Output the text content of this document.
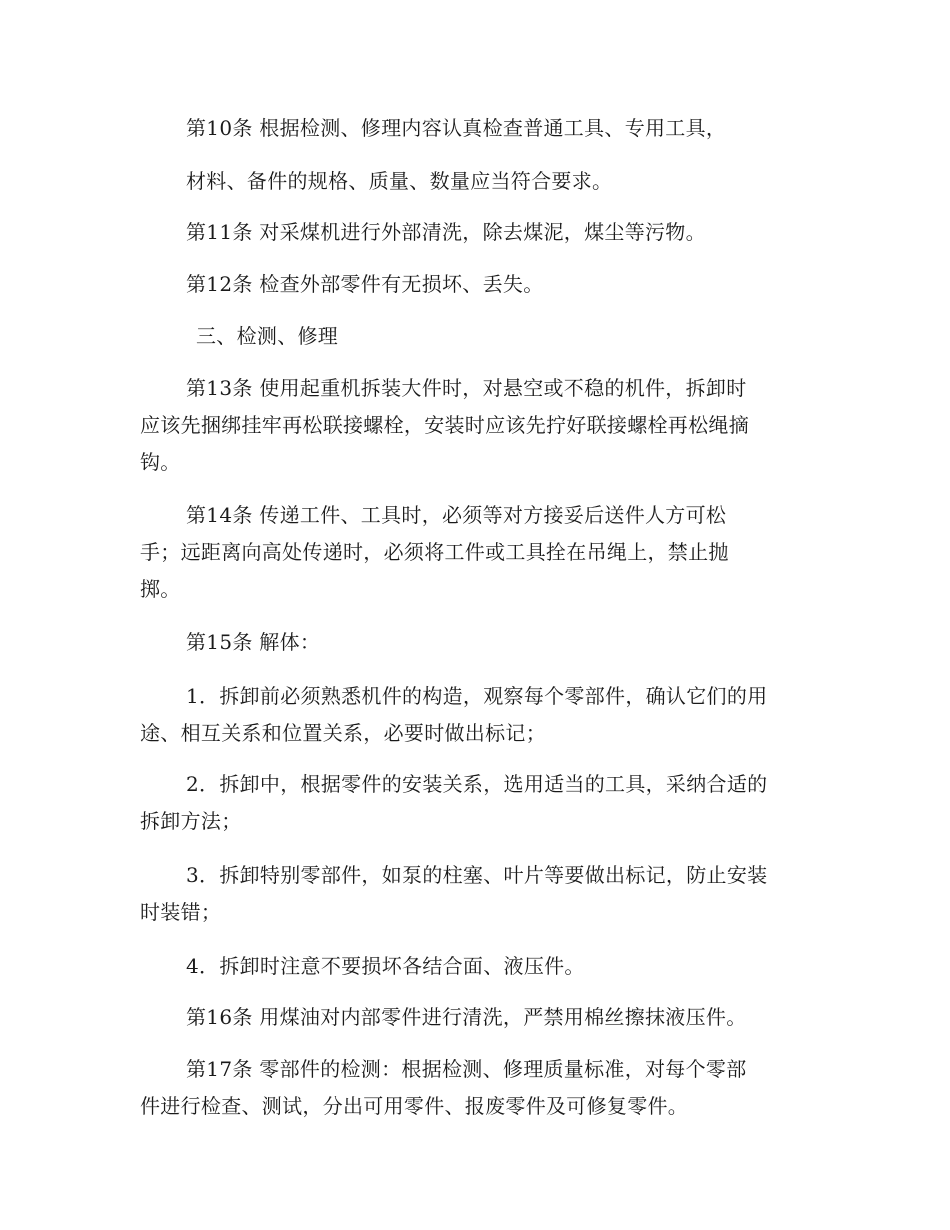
第10条 根据检测、修理内容认真检查普通工具、专用工具，

材料、备件的规格、质量、数量应当符合要求。

第11条 对采煤机进行外部清洗，除去煤泥，煤尘等污物。

第12条 检查外部零件有无损坏、丢失。

三、检测、修理

第13条 使用起重机拆装大件时，对悬空或不稳的机件，拆卸时
应该先捆绑挂牢再松联接螺栓，安装时应该先拧好联接螺栓再松绳摘
钩。

第14条 传递工件、工具时，必须等对方接妥后送件人方可松
手；远距离向高处传递时，必须将工件或工具拴在吊绳上，禁止抛
掷。

第15条 解体：

1．拆卸前必须熟悉机件的构造，观察每个零部件，确认它们的用
途、相互关系和位置关系，必要时做出标记；

2．拆卸中，根据零件的安装关系，选用适当的工具，采纳合适的
拆卸方法；

3．拆卸特别零部件，如泵的柱塞、叶片等要做出标记，防止安装
时装错；

4．拆卸时注意不要损坏各结合面、液压件。

第16条 用煤油对内部零件进行清洗，严禁用棉丝擦抹液压件。

第17条 零部件的检测：根据检测、修理质量标准，对每个零部
件进行检查、测试，分出可用零件、报废零件及可修复零件。
